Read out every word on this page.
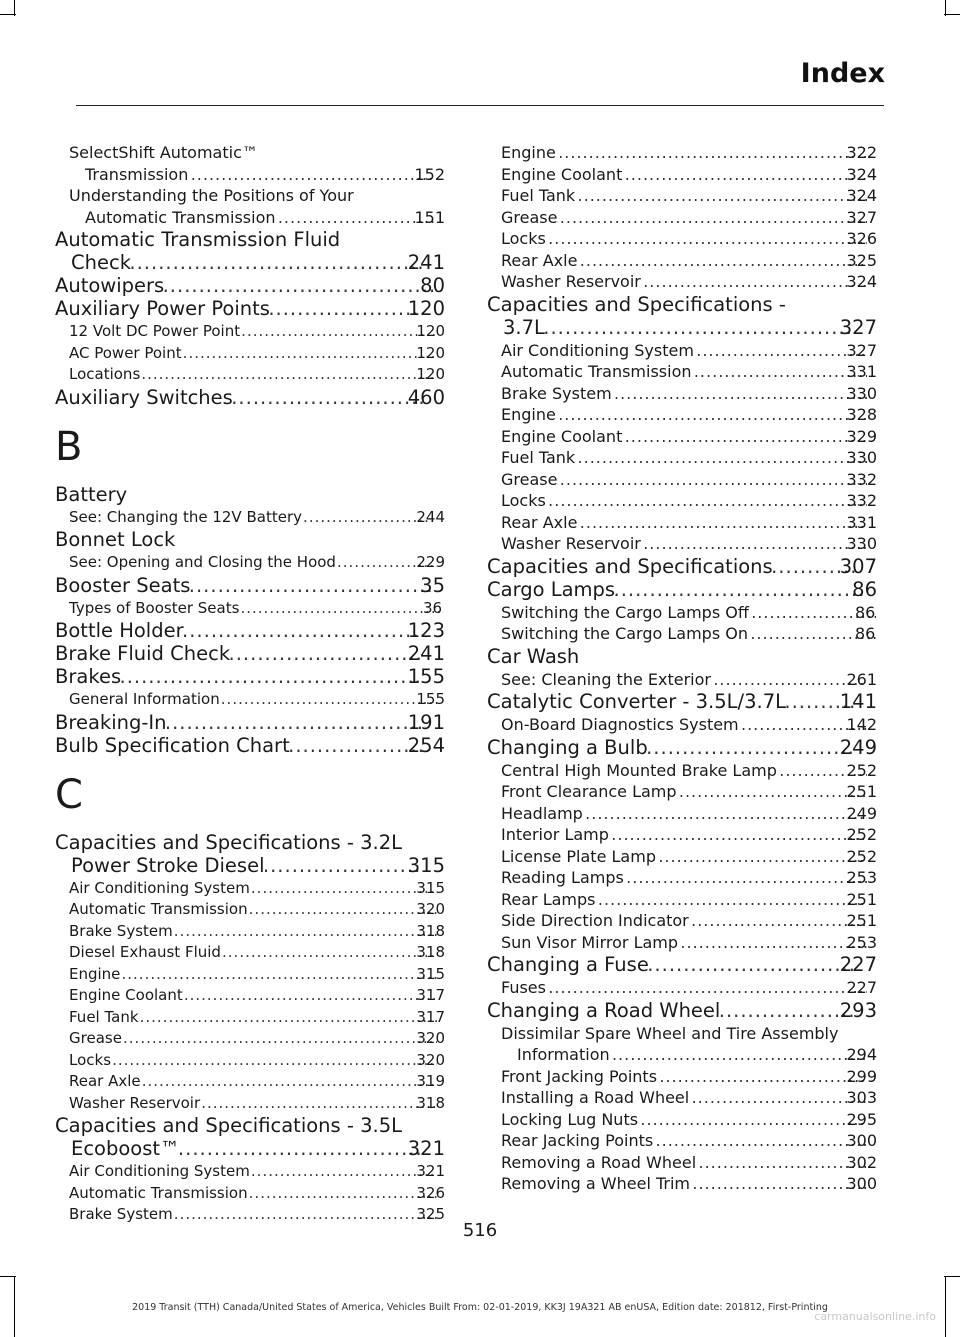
Index
SelectShift Automatic™
Transmission .....	152
Understanding the Positions of Your
Automatic Transmission .....	151
Automatic Transmission Fluid
Check .....	241
Autowipers .....	80
Auxiliary Power Points .....	120
12 Volt DC Power Point .....	120
AC Power Point .....	120
Locations .....	120
Auxiliary Switches .....	460
B
Battery
See: Changing the 12V Battery .....	244
Bonnet Lock
See: Opening and Closing the Hood .....	229
Booster Seats .....	35
Types of Booster Seats .....	36
Bottle Holder .....	123
Brake Fluid Check .....	241
Brakes .....	155
General Information .....	155
Breaking-In .....	191
Bulb Specification Chart .....	254
C
Capacities and Specifications - 3.2L
Power Stroke Diesel .....	315
Air Conditioning System .....	315
Automatic Transmission .....	320
Brake System .....	318
Diesel Exhaust Fluid .....	318
Engine .....	315
Engine Coolant .....	317
Fuel Tank .....	317
Grease .....	320
Locks .....	320
Rear Axle .....	319
Washer Reservoir .....	318
Capacities and Specifications - 3.5L
Ecoboost™ .....	321
Air Conditioning System .....	321
Automatic Transmission .....	326
Brake System .....	325
Engine .....	322
Engine Coolant .....	324
Fuel Tank .....	324
Grease .....	327
Locks .....	326
Rear Axle .....	325
Washer Reservoir .....	324
Capacities and Specifications -
3.7L .....	327
Air Conditioning System .....	327
Automatic Transmission .....	331
Brake System .....	330
Engine .....	328
Engine Coolant .....	329
Fuel Tank .....	330
Grease .....	332
Locks .....	332
Rear Axle .....	331
Washer Reservoir .....	330
Capacities and Specifications .....	307
Cargo Lamps .....	86
Switching the Cargo Lamps Off .....	86
Switching the Cargo Lamps On .....	86
Car Wash
See: Cleaning the Exterior .....	261
Catalytic Converter - 3.5L/3.7L .....	141
On-Board Diagnostics System .....	142
Changing a Bulb .....	249
Central High Mounted Brake Lamp .....	252
Front Clearance Lamp .....	251
Headlamp .....	249
Interior Lamp .....	252
License Plate Lamp .....	252
Reading Lamps .....	253
Rear Lamps .....	251
Side Direction Indicator .....	251
Sun Visor Mirror Lamp .....	253
Changing a Fuse .....	227
Fuses .....	227
Changing a Road Wheel .....	293
Dissimilar Spare Wheel and Tire Assembly
Information .....	294
Front Jacking Points .....	299
Installing a Road Wheel .....	303
Locking Lug Nuts .....	295
Rear Jacking Points .....	300
Removing a Road Wheel .....	302
Removing a Wheel Trim .....	300
516
2019 Transit (TTH) Canada/United States of America, Vehicles Built From: 02-01-2019, KK3J 19A321 AB enUSA, Edition date: 201812, First-Printing
carmanualsonline.info
